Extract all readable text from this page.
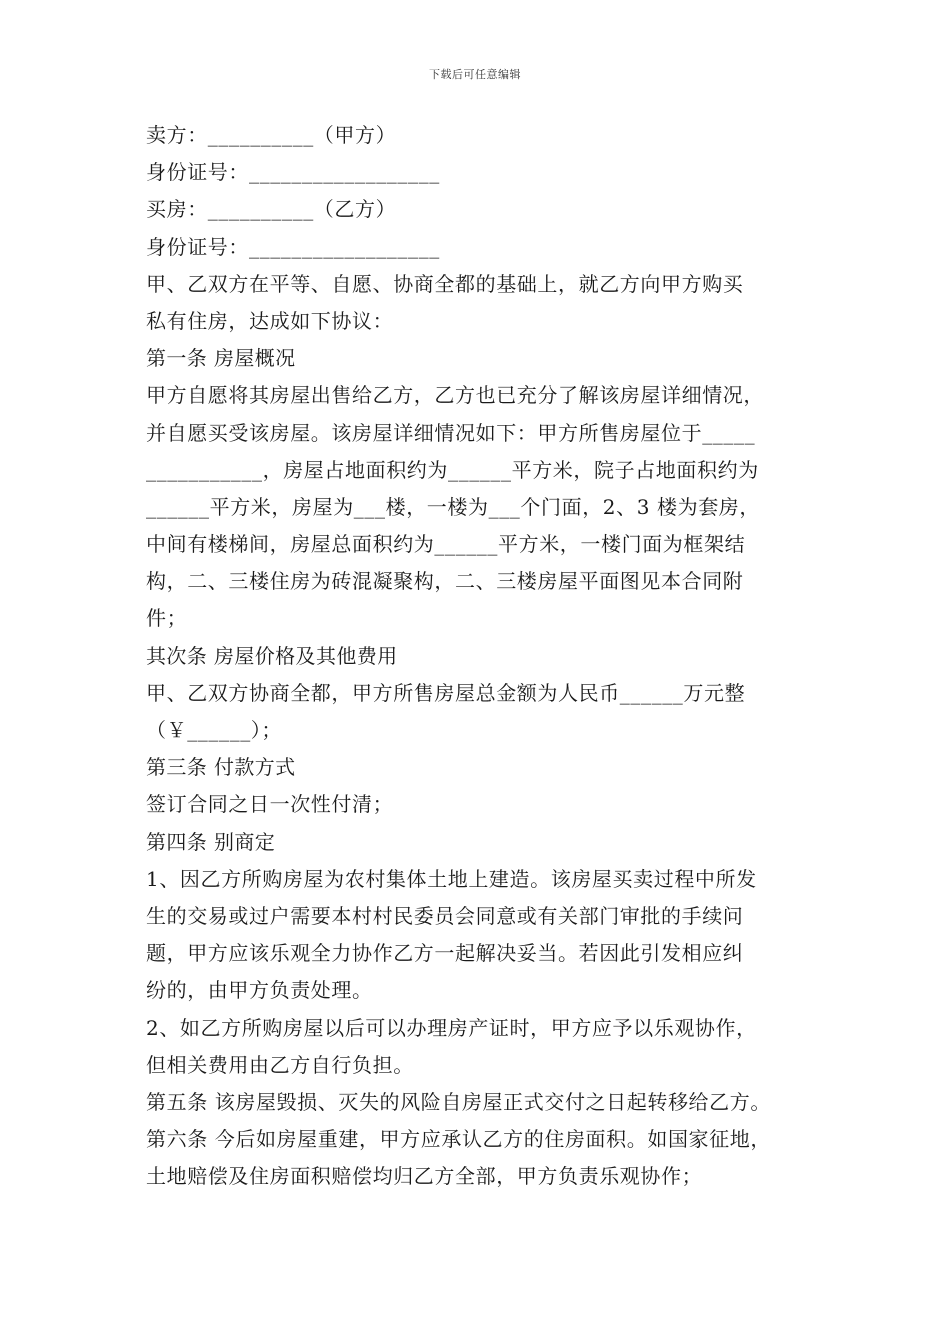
下载后可任意编辑
卖方：__________（甲方）
身份证号：__________________
买房：__________（乙方）
身份证号：__________________
甲、乙双方在平等、自愿、协商全都的基础上，就乙方向甲方购买
私有住房，达成如下协议：
第一条 房屋概况
甲方自愿将其房屋出售给乙方，乙方也已充分了解该房屋详细情况，
并自愿买受该房屋。该房屋详细情况如下：甲方所售房屋位于_____
___________，房屋占地面积约为______平方米，院子占地面积约为
______平方米，房屋为___楼，一楼为___个门面，2、3 楼为套房，
中间有楼梯间，房屋总面积约为______平方米，一楼门面为框架结
构，二、三楼住房为砖混凝聚构，二、三楼房屋平面图见本合同附
件；
其次条 房屋价格及其他费用
甲、乙双方协商全都，甲方所售房屋总金额为人民币______万元整
（￥______）；
第三条 付款方式
签订合同之日一次性付清；
第四条 别商定
1、因乙方所购房屋为农村集体土地上建造。该房屋买卖过程中所发
生的交易或过户需要本村村民委员会同意或有关部门审批的手续问
题，甲方应该乐观全力协作乙方一起解决妥当。若因此引发相应纠
纷的，由甲方负责处理。
2、如乙方所购房屋以后可以办理房产证时，甲方应予以乐观协作，
但相关费用由乙方自行负担。
第五条 该房屋毁损、灭失的风险自房屋正式交付之日起转移给乙方。
第六条 今后如房屋重建，甲方应承认乙方的住房面积。如国家征地，
土地赔偿及住房面积赔偿均归乙方全部，甲方负责乐观协作；
